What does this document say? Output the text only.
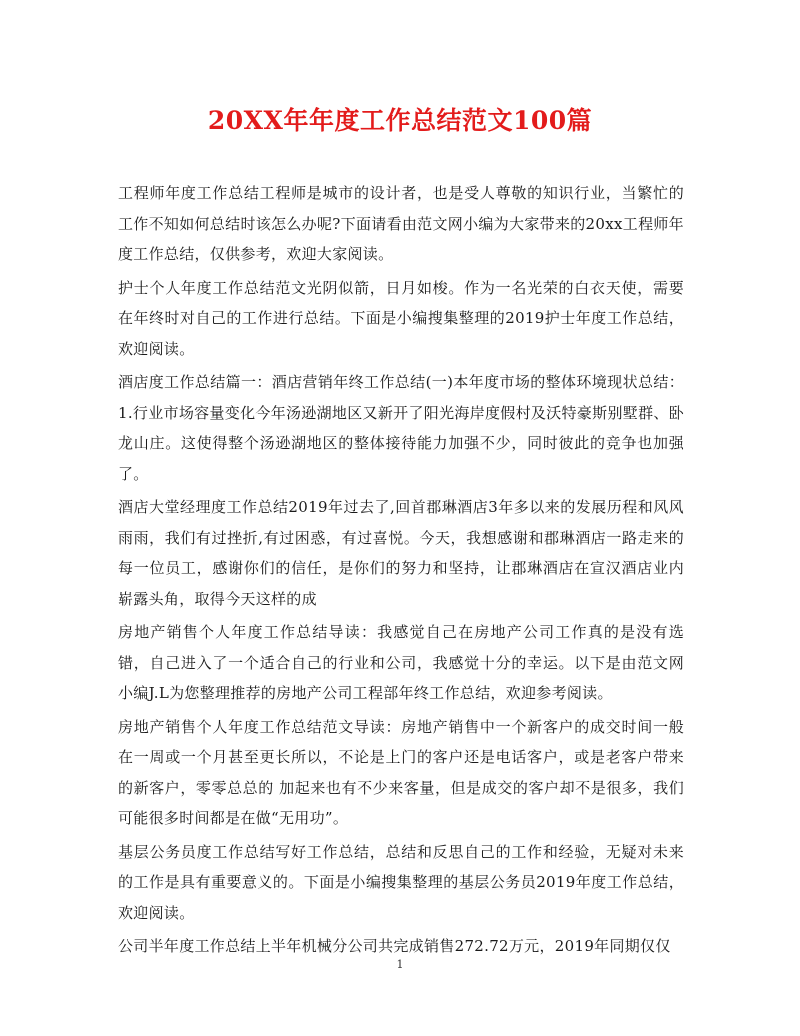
20XX年年度工作总结范文100篇

工程师年度工作总结工程师是城市的设计者，也是受人尊敬的知识行业，当繁忙的工作不知如何总结时该怎么办呢?下面请看由范文网小编为大家带来的20xx工程师年度工作总结，仅供参考，欢迎大家阅读。

护士个人年度工作总结范文光阴似箭，日月如梭。作为一名光荣的白衣天使，需要在年终时对自己的工作进行总结。下面是小编搜集整理的2019护士年度工作总结，欢迎阅读。

酒店度工作总结篇一：酒店营销年终工作总结(一)本年度市场的整体环境现状总结： 1.行业市场容量变化今年汤逊湖地区又新开了阳光海岸度假村及沃特豪斯别墅群、卧龙山庄。这使得整个汤逊湖地区的整体接待能力加强不少，同时彼此的竞争也加强了。

酒店大堂经理度工作总结2019年过去了,回首郡琳酒店3年多以来的发展历程和风风雨雨，我们有过挫折,有过困惑，有过喜悦。今天，我想感谢和郡琳酒店一路走来的每一位员工，感谢你们的信任，是你们的努力和坚持，让郡琳酒店在宣汉酒店业内崭露头角，取得今天这样的成

房地产销售个人年度工作总结导读：我感觉自己在房地产公司工作真的是没有选错，自己进入了一个适合自己的行业和公司，我感觉十分的幸运。以下是由范文网小编J.L为您整理推荐的房地产公司工程部年终工作总结，欢迎参考阅读。

房地产销售个人年度工作总结范文导读：房地产销售中一个新客户的成交时间一般在一周或一个月甚至更长所以，不论是上门的客户还是电话客户，或是老客户带来的新客户，零零总总的 加起来也有不少来客量，但是成交的客户却不是很多，我们可能很多时间都是在做“无用功”。

基层公务员度工作总结写好工作总结，总结和反思自己的工作和经验，无疑对未来的工作是具有重要意义的。下面是小编搜集整理的基层公务员2019年度工作总结，欢迎阅读。

公司半年度工作总结上半年机械分公司共完成销售272.72万元，2019年同期仅仅

1
